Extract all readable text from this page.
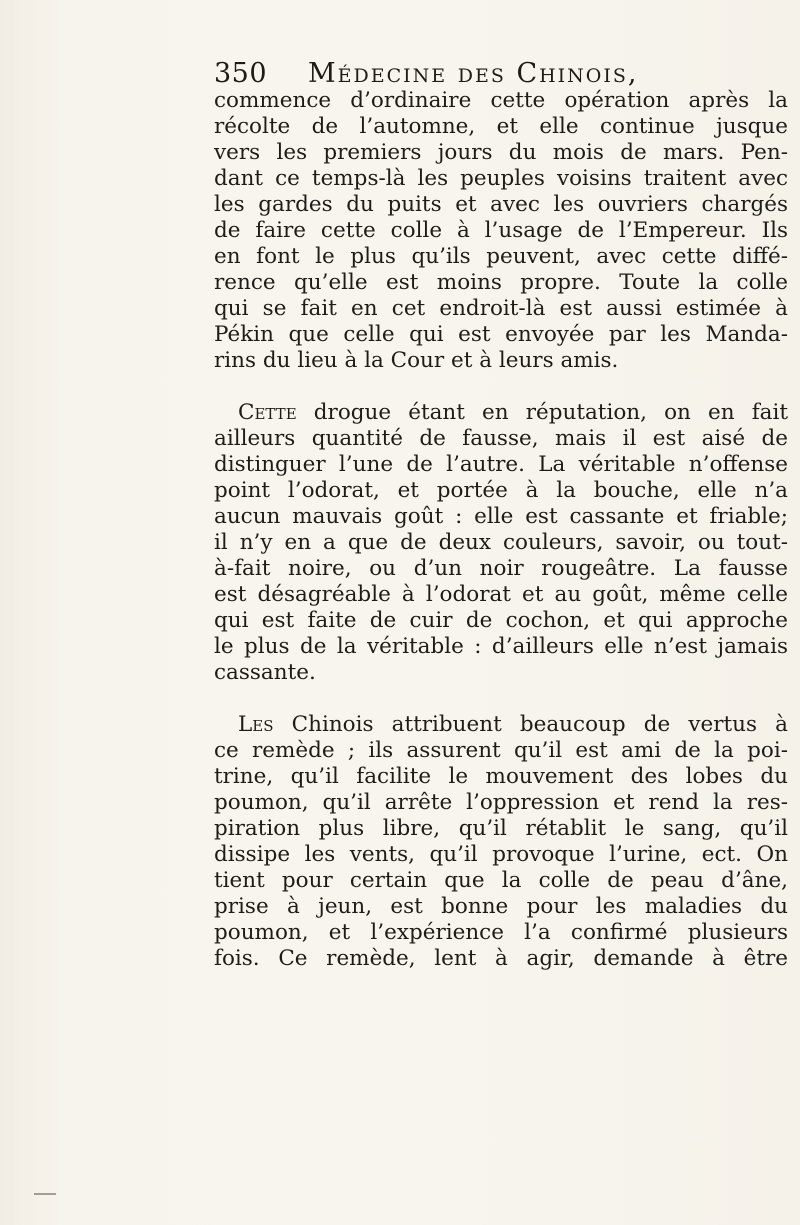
350 Médecine des Chinois,
commence d’ordinaire cette opération après la
récolte de l’automne, et elle continue jusque
vers les premiers jours du mois de mars. Pen-
dant ce temps-là les peuples voisins traitent avec
les gardes du puits et avec les ouvriers chargés
de faire cette colle à l’usage de l’Empereur. Ils
en font le plus qu’ils peuvent, avec cette diffé-
rence qu’elle est moins propre. Toute la colle
qui se fait en cet endroit-là est aussi estimée à
Pékin que celle qui est envoyée par les Manda-
rins du lieu à la Cour et à leurs amis.
Cette drogue étant en réputation, on en fait
ailleurs quantité de fausse, mais il est aisé de
distinguer l’une de l’autre. La véritable n’offense
point l’odorat, et portée à la bouche, elle n’a
aucun mauvais goût : elle est cassante et friable;
il n’y en a que de deux couleurs, savoir, ou tout-
à-fait noire, ou d’un noir rougeâtre. La fausse
est désagréable à l’odorat et au goût, même celle
qui est faite de cuir de cochon, et qui approche
le plus de la véritable : d’ailleurs elle n’est jamais
cassante.
Les Chinois attribuent beaucoup de vertus à
ce remède ; ils assurent qu’il est ami de la poi-
trine, qu’il facilite le mouvement des lobes du
poumon, qu’il arrête l’oppression et rend la res-
piration plus libre, qu’il rétablit le sang, qu’il
dissipe les vents, qu’il provoque l’urine, ect. On
tient pour certain que la colle de peau d’âne,
prise à jeun, est bonne pour les maladies du
poumon, et l’expérience l’a confirmé plusieurs
fois. Ce remède, lent à agir, demande à être
